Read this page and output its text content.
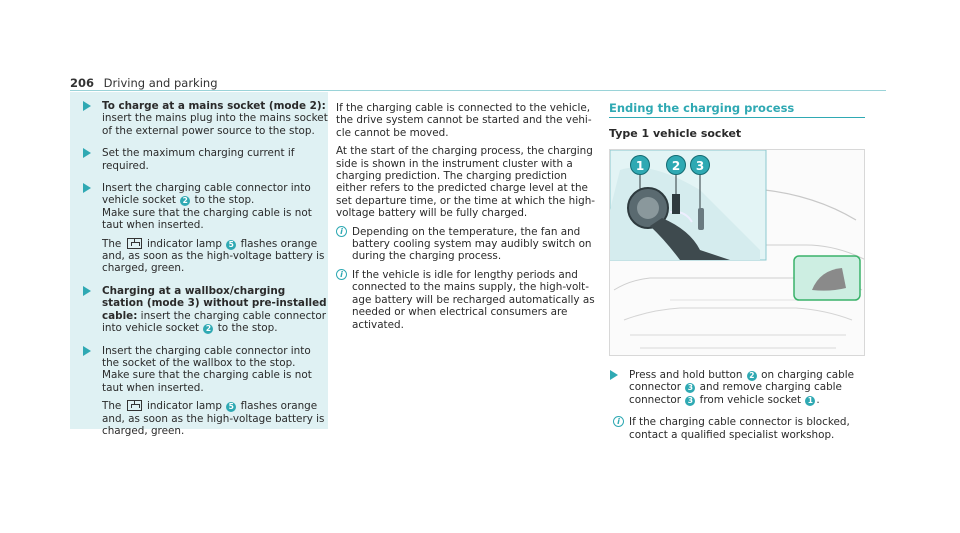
206 Driving and parking
To charge at a mains socket (mode 2): insert the mains plug into the mains socket of the external power source to the stop.
Set the maximum charging current if required.
Insert the charging cable connector into vehicle socket 2 to the stop.
Make sure that the charging cable is not taut when inserted.
The  indicator lamp 5 flashes orange and, as soon as the high-voltage battery is charged, green.
Charging at a wallbox/charging station (mode 3) without pre-installed cable: insert the charging cable connector into vehicle socket 2 to the stop.
Insert the charging cable connector into the socket of the wallbox to the stop.
Make sure that the charging cable is not taut when inserted.
The  indicator lamp 5 flashes orange and, as soon as the high-voltage battery is charged, green.
If the charging cable is connected to the vehicle, the drive system cannot be started and the vehicle cannot be moved.
At the start of the charging process, the charging side is shown in the instrument cluster with a charging prediction. The charging prediction either refers to the predicted charge level at the set departure time, or the time at which the high-voltage battery will be fully charged.
i Depending on the temperature, the fan and battery cooling system may audibly switch on during the charging process.
i If the vehicle is idle for lengthy periods and connected to the mains supply, the high-voltage battery will be recharged automatically as needed or when electrical consumers are activated.
Ending the charging process
Type 1 vehicle socket
1	2	3
Press and hold button 2 on charging cable connector 3 and remove charging cable connector 3 from vehicle socket 1 .
i If the charging cable connector is blocked, contact a qualified specialist workshop.
